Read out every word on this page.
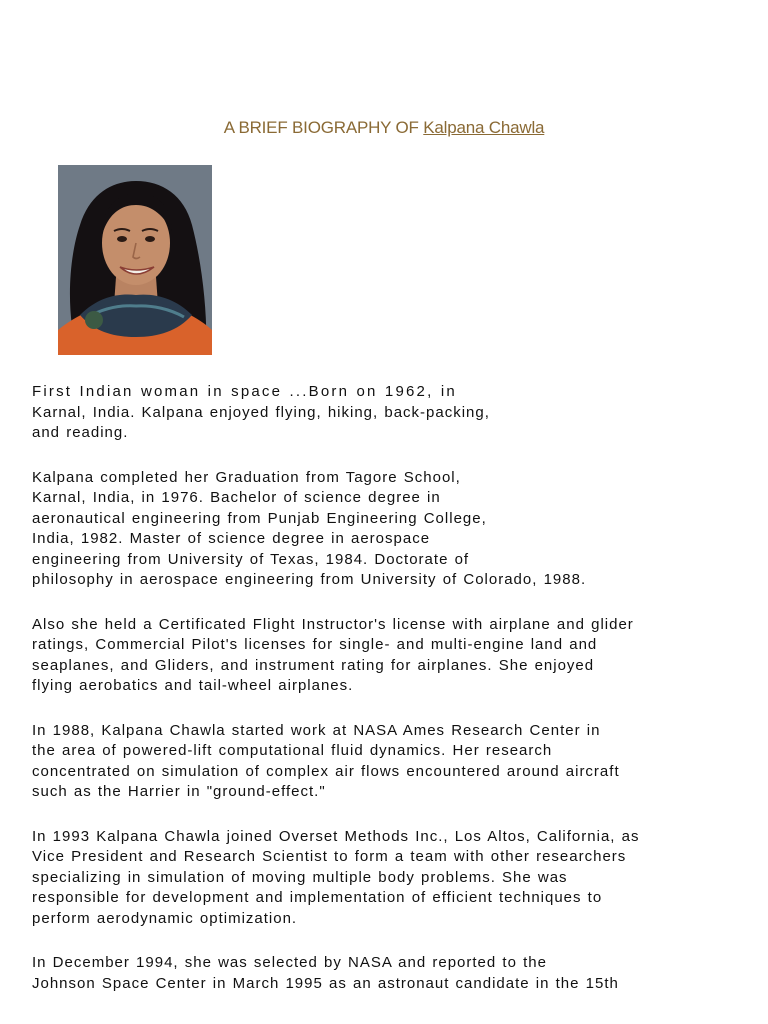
A BRIEF BIOGRAPHY OF Kalpana Chawla

First Indian woman in space ...Born on 1962, in
Karnal, India. Kalpana enjoyed flying, hiking, back-packing,
and reading.

Kalpana completed her Graduation from Tagore School,
Karnal, India, in 1976. Bachelor of science degree in
aeronautical engineering from Punjab Engineering College,
India, 1982. Master of science degree in aerospace
engineering from University of Texas, 1984. Doctorate of
philosophy in aerospace engineering from University of Colorado, 1988.

Also she held a Certificated Flight Instructor's license with airplane and glider
ratings, Commercial Pilot's licenses for single- and multi-engine land and
seaplanes, and Gliders, and instrument rating for airplanes. She enjoyed
flying aerobatics and tail-wheel airplanes.

In 1988, Kalpana Chawla started work at NASA Ames Research Center in
the area of powered-lift computational fluid dynamics. Her research
concentrated on simulation of complex air flows encountered around aircraft
such as the Harrier in "ground-effect."

In 1993 Kalpana Chawla joined Overset Methods Inc., Los Altos, California, as
Vice President and Research Scientist to form a team with other researchers
specializing in simulation of moving multiple body problems. She was
responsible for development and implementation of efficient techniques to
perform aerodynamic optimization.

In December 1994, she was selected by NASA and reported to the
Johnson Space Center in March 1995 as an astronaut candidate in the 15th
